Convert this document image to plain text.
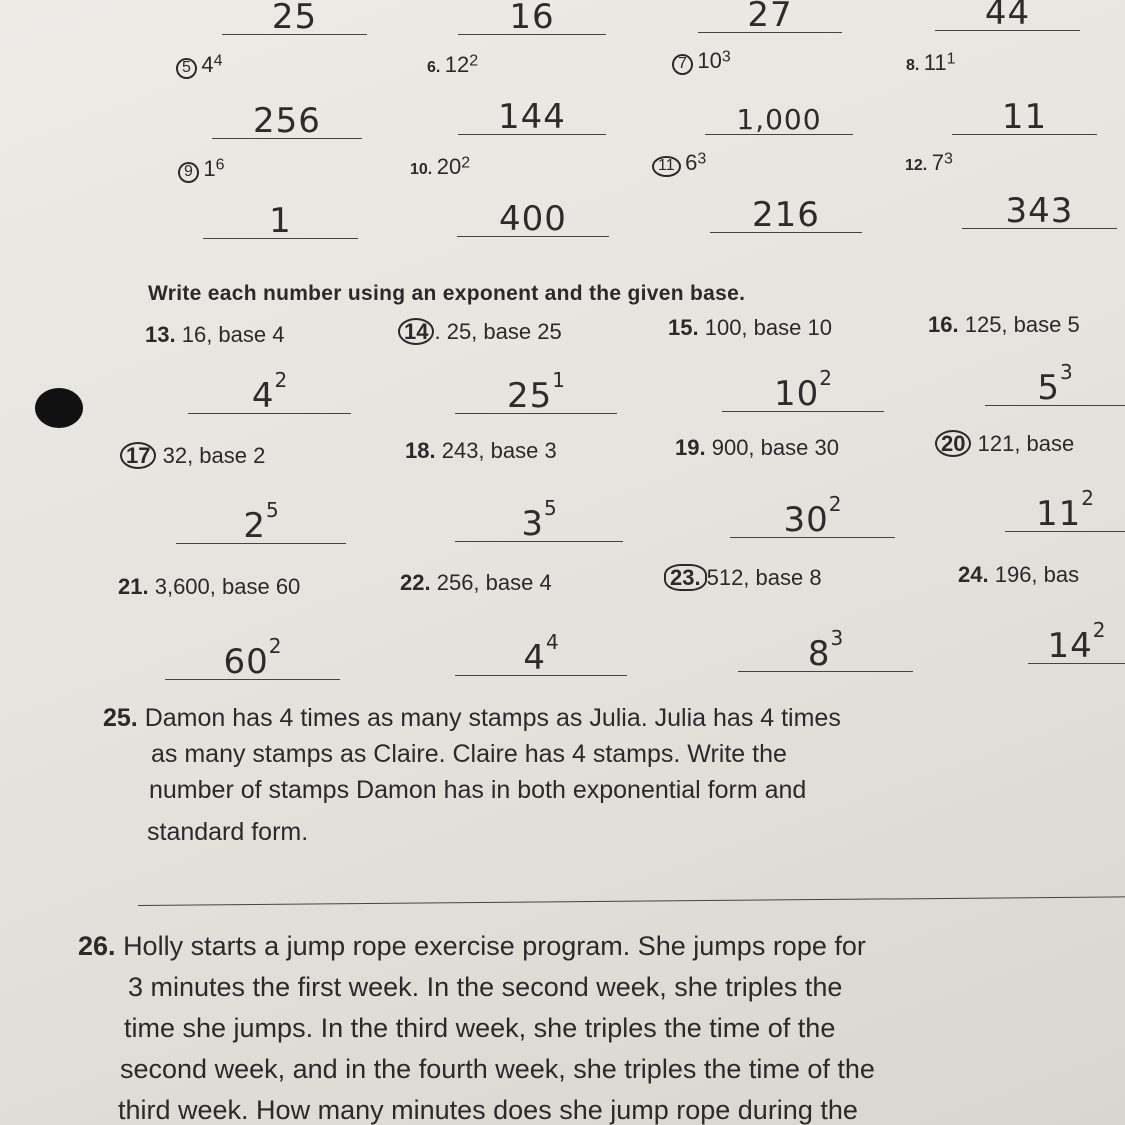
25	16	27	44
5 $4^4$	6. $12^2$	7 $10^3$	8. $11^1$
256	144	1,000	11
9 $1^6$	10. $20^2$	11 $6^3$	12. $7^3$
1	400	216	343
Write each number using an exponent and the given base.
13. 16, base 4	14 . 25, base 25	15. 100, base 10	16. 125, base 5
$4^2$	$25^1$	$10^2$	$5^3$
17 32, base 2	18. 243, base 3	19. 900, base 30	20 121, base
$2^5$	$3^5$	$30^2$	$11^2$
21. 3,600, base 60	22. 256, base 4	23. 512, base 8	24. 196, bas
$60^2$	$4^4$	$8^3$	$14^2$
25. Damon has 4 times as many stamps as Julia. Julia has 4 times
as many stamps as Claire. Claire has 4 stamps. Write the
number of stamps Damon has in both exponential form and
standard form.
26. Holly starts a jump rope exercise program. She jumps rope for
3 minutes the first week. In the second week, she triples the
time she jumps. In the third week, she triples the time of the
second week, and in the fourth week, she triples the time of the
third week. How many minutes does she jump rope during the
